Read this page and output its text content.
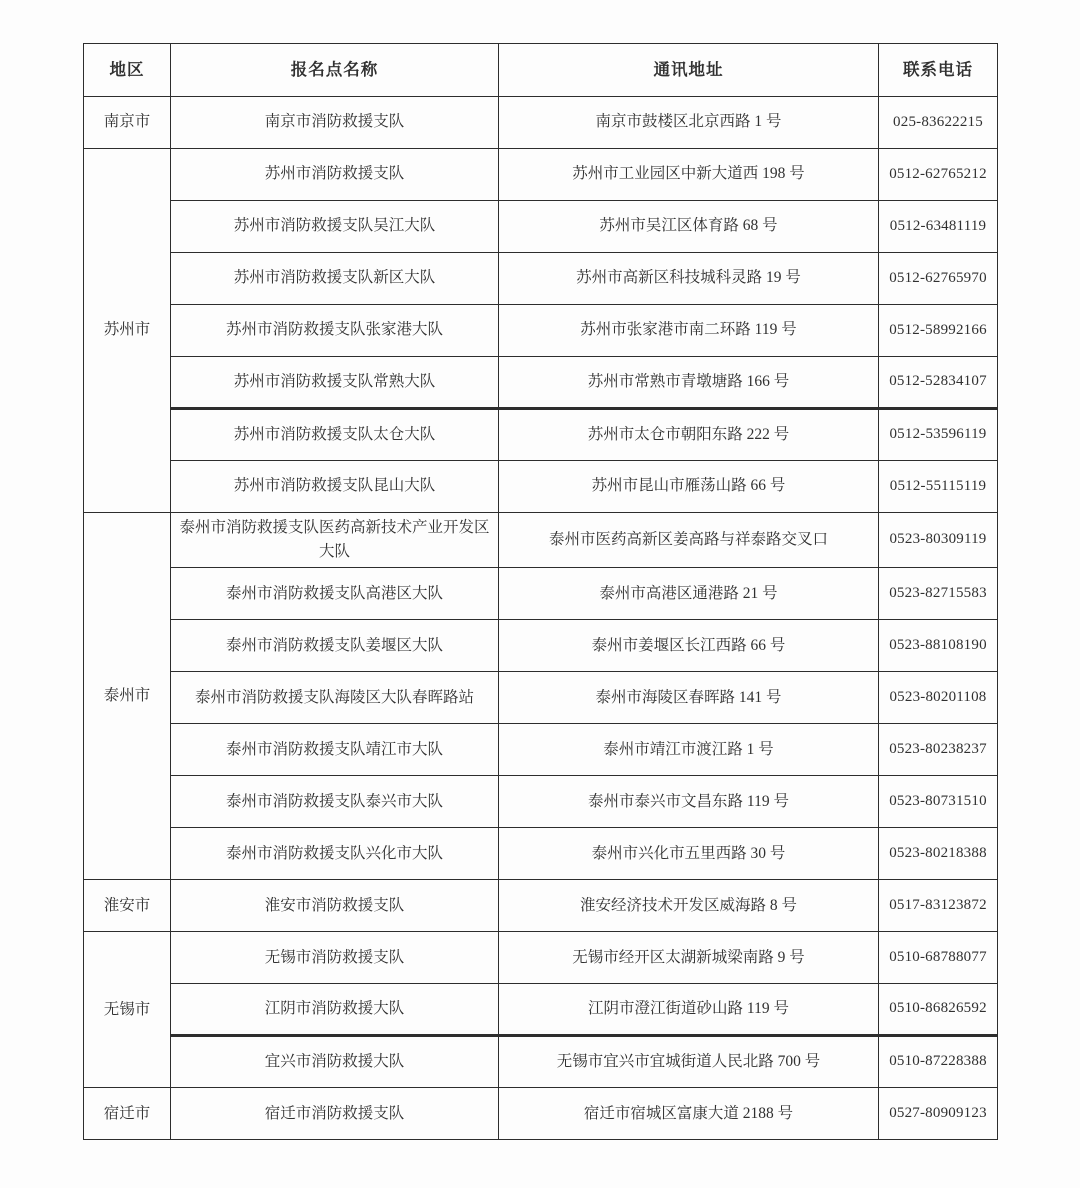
地区	报名点名称	通讯地址	联系电话
南京市	南京市消防救援支队	南京市鼓楼区北京西路 1 号	025-83622215
苏州市	苏州市消防救援支队	苏州市工业园区中新大道西 198 号	0512-62765212
	苏州市消防救援支队吴江大队	苏州市吴江区体育路 68 号	0512-63481119
	苏州市消防救援支队新区大队	苏州市高新区科技城科灵路 19 号	0512-62765970
	苏州市消防救援支队张家港大队	苏州市张家港市南二环路 119 号	0512-58992166
	苏州市消防救援支队常熟大队	苏州市常熟市青墩塘路 166 号	0512-52834107
	苏州市消防救援支队太仓大队	苏州市太仓市朝阳东路 222 号	0512-53596119
	苏州市消防救援支队昆山大队	苏州市昆山市雁荡山路 66 号	0512-55115119
泰州市	泰州市消防救援支队医药高新技术产业开发区大队	泰州市医药高新区姜高路与祥泰路交叉口	0523-80309119
	泰州市消防救援支队高港区大队	泰州市高港区通港路 21 号	0523-82715583
	泰州市消防救援支队姜堰区大队	泰州市姜堰区长江西路 66 号	0523-88108190
	泰州市消防救援支队海陵区大队春晖路站	泰州市海陵区春晖路 141 号	0523-80201108
	泰州市消防救援支队靖江市大队	泰州市靖江市渡江路 1 号	0523-80238237
	泰州市消防救援支队泰兴市大队	泰州市泰兴市文昌东路 119 号	0523-80731510
	泰州市消防救援支队兴化市大队	泰州市兴化市五里西路 30 号	0523-80218388
淮安市	淮安市消防救援支队	淮安经济技术开发区威海路 8 号	0517-83123872
无锡市	无锡市消防救援支队	无锡市经开区太湖新城梁南路 9 号	0510-68788077
	江阴市消防救援大队	江阴市澄江街道砂山路 119 号	0510-86826592
	宜兴市消防救援大队	无锡市宜兴市宜城街道人民北路 700 号	0510-87228388
宿迁市	宿迁市消防救援支队	宿迁市宿城区富康大道 2188 号	0527-80909123
